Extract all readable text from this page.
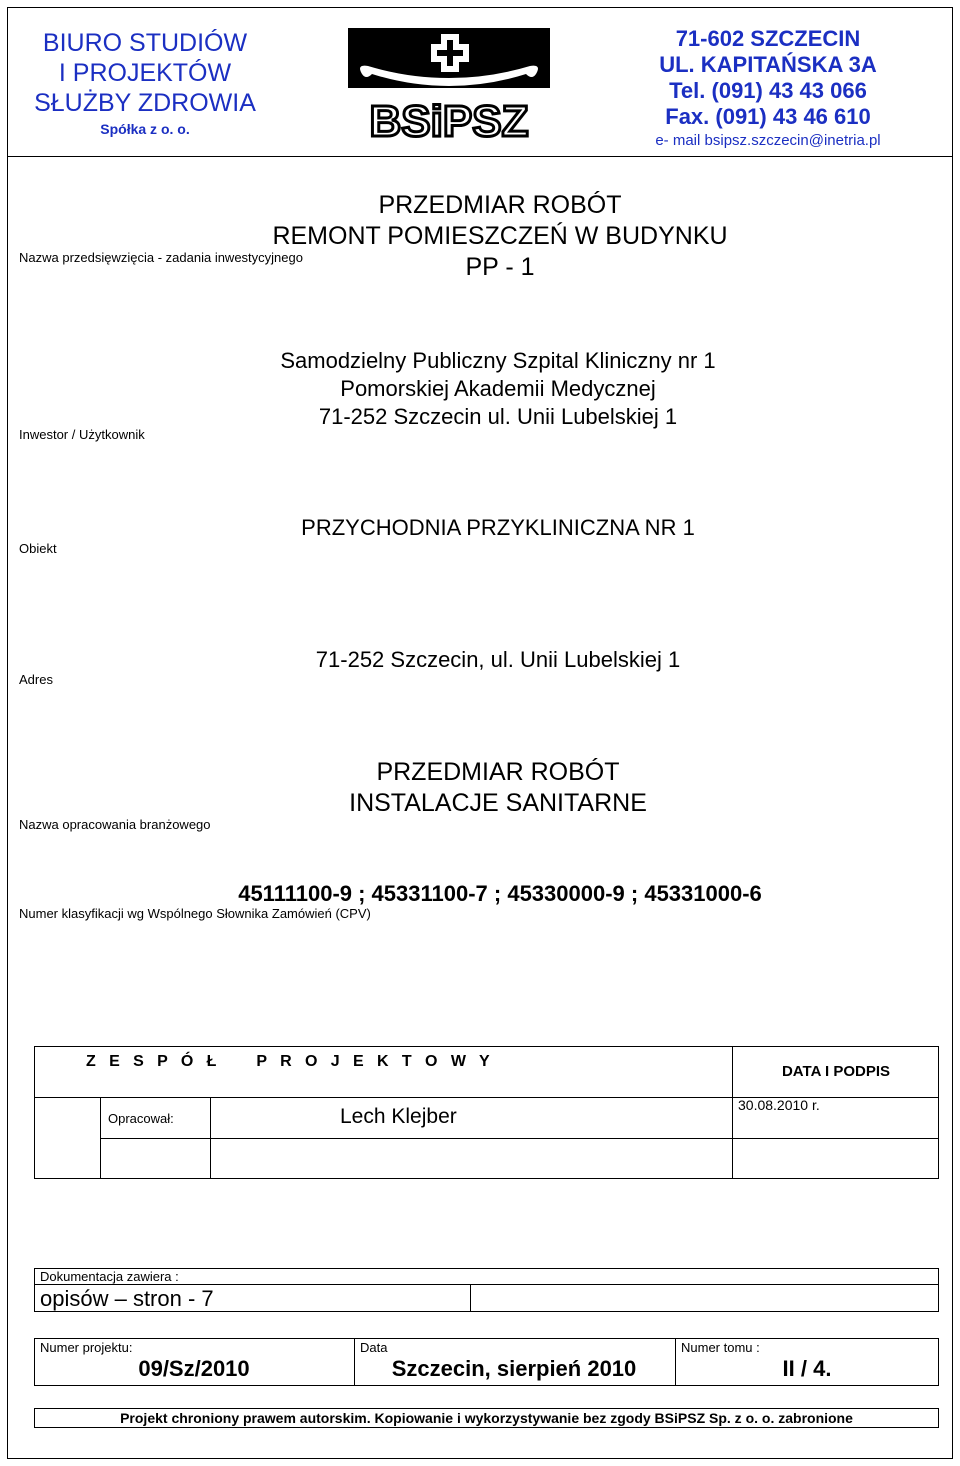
BIURO STUDIÓW
I PROJEKTÓW
SŁUŻBY ZDROWIA
Spółka z o. o.	BSiPSZ
71-602 SZCZECIN
UL. KAPITAŃSKA 3A
Tel. (091) 43 43 066
Fax. (091) 43 46 610
e- mail bsipsz.szczecin@inetria.pl
PRZEDMIAR ROBÓT
REMONT POMIESZCZEŃ W BUDYNKU PP - 1
Nazwa przedsięwzięcia - zadania inwestycyjnego
Samodzielny Publiczny Szpital Kliniczny nr 1
Pomorskiej Akademii Medycznej
71-252 Szczecin ul. Unii Lubelskiej 1
Inwestor / Użytkownik
PRZYCHODNIA PRZYKLINICZNA NR 1
Obiekt
71-252 Szczecin, ul. Unii Lubelskiej 1
Adres
PRZEDMIAR ROBÓT
INSTALACJE SANITARNE
Nazwa opracowania branżowego
45111100-9 ; 45331100-7 ; 45330000-9 ; 45331000-6
Numer klasyfikacji wg Wspólnego Słownika Zamówień (CPV)
Z   E   S   P   Ó   Ł         P   R   O   J   E   K   T   O   W   Y
DATA I PODPIS
Opracował:	Lech Klejber	30.08.2010 r.
Dokumentacja zawiera :
opisów – stron - 7
Numer projektu:
09/Sz/2010
Data
Szczecin, sierpień 2010
Numer tomu :
II / 4.
Projekt chroniony prawem autorskim. Kopiowanie i wykorzystywanie bez zgody BSiPSZ Sp. z o. o. zabronione
